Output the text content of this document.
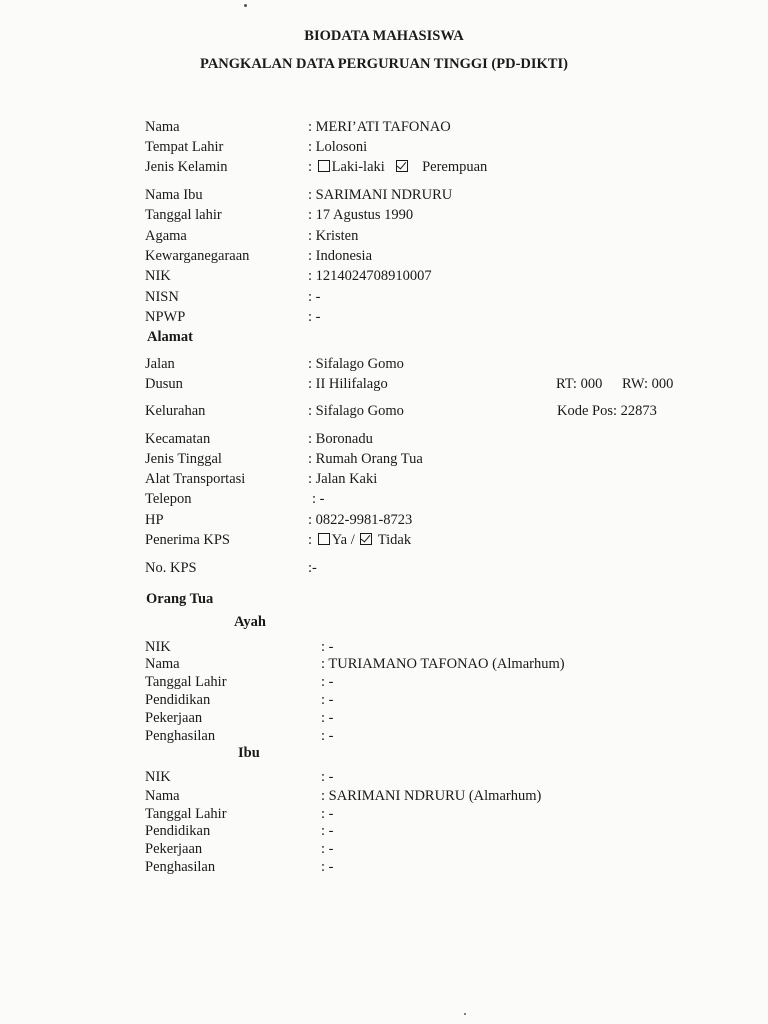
BIODATA MAHASISWA
PANGKALAN DATA PERGURUAN TINGGI (PD-DIKTI)
Nama	: MERI’ATI TAFONAO
Tempat Lahir	: Lolosoni
Jenis Kelamin	: Laki-laki	Perempuan
Nama Ibu	: SARIMANI NDRURU
Tanggal lahir	: 17 Agustus 1990
Agama	: Kristen
Kewarganegaraan	: Indonesia
NIK	: 1214024708910007
NISN	: -
NPWP	: -
Alamat
Jalan	: Sifalago Gomo
Dusun	: II Hilifalago	RT: 000 RW: 000
Kelurahan	: Sifalago Gomo	Kode Pos: 22873
Kecamatan	: Boronadu
Jenis Tinggal	: Rumah Orang Tua
Alat Transportasi	: Jalan Kaki
Telepon	: -
HP	: 0822-9981-8723
Penerima KPS	: Ya / Tidak
No. KPS	:-
Orang Tua
Ayah
NIK	: -
Nama	: TURIAMANO TAFONAO (Almarhum)
Tanggal Lahir	: -
Pendidikan	: -
Pekerjaan	: -
Penghasilan	: -
Ibu
NIK	: -
Nama	: SARIMANI NDRURU (Almarhum)
Tanggal Lahir	: -
Pendidikan	: -
Pekerjaan	: -
Penghasilan	: -
